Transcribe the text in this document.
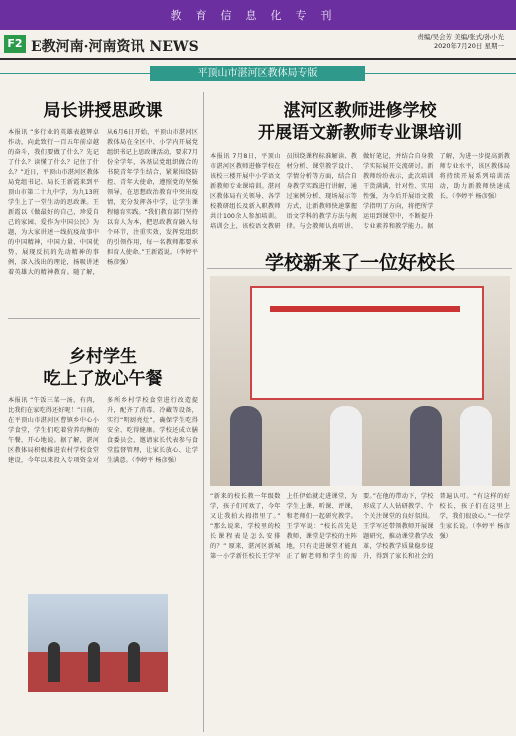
教育信息化专刊
F2 E教河南·河南资讯 NEWS
责编/吴会芳 美编/张式/孙小光
2020年7月20日 星期一
平顶山市湛河区教体局专版
局长讲授思政课
本报讯 “多行业的英雄表越辉卓作动，向此致行一百五年前卓越的奋斗，我们要做了什么？先记了什么？读懂了什么？记住了什么？”近日，平顶山市湛河区教体局党组书记、局长王新霞来到平顶山市第二十九中学，为九13班学生上了一堂生动的思政课。王新霞以《做最好的自己，珍爱自己的家园、爱作为中国公民》为题，为大家讲述一线抗疫故事中的中国精神，中国力量、中国优势，展现反抗的先动精神的事例，深入浅出的理论，扬吸讲述着英雄大的精神教育。随了解，从6月6日开始，平顶山市湛河区教体局在全区中、小学内开展党组织书记上思政课活动，要求7月份全学年，各基层党组织做合的书院青年学生结合，紧紧围绕防控、青年大使命，遵照党的坚强领导，在思想政治教育中突出疫情，充分发挥各中学，让学生课程德育实践。“我们教育部门坚持以育人为本，把思政教育融入每个环节，注重实效，发挥党组织的引领作用，每一名教师都要承担育人使命。”王新霞说。（李婷平 杨彦强）
湛河区教师进修学校
开展语文新教师专业课培训
本报讯 7月8日，平顶山市湛河区教师进修学校在该校三楼开展中小学语文新教师专业课培训。湛河区教体局有关领导、各学校教研组长及新入职教师共计100余人参加培训。培训会上，该校语文教研员围绕课程标准解读、教材分析、课堂教学设计、学情分析等方面，结合自身教学实践进行讲解，通过案例分析、现场展示等方式，让新教师快速掌握语文学科的教学方法与规律。与会教师认真听讲、做好笔记，并结合自身教学实际展开交流研讨。新教师纷纷表示，此次培训干货满满，针对性、实用性强，为今后开展语文教学指明了方向，将把所学运用到课堂中，不断提升专业素养和教学能力。据了解，为进一步提高新教师专业水平，该区教体局将持续开展系列培训活动，助力新教师快速成长。（李婷平 杨彦强）
学校新来了一位好校长
“新来的校长教一年级数学，孩子们可欢了，今年又让我拍大拇指里了。” “那么说来，学校里的校长课程表是怎么安排的？” 原来，湛河区新城第一小学新任校长王学军上任伊始就走进课堂，为学生上课、听课、评课，和老师们一起研究教学。王学军说：“校长首先是教师，课堂是学校的主阵地，只有走进课堂才能真正了解老师和学生的需要。”在他的带动下，学校形成了人人钻研教学、个个关注课堂的良好氛围。王学军还带领教师开展课题研究，推动课堂教学改革，学校教学质量稳步提升，得到了家长和社会的普遍认可。“有这样的好校长，孩子们在这里上学，我们很放心。”一位学生家长说。（李婷平 杨彦强）
乡村学生
吃上了放心午餐
本报讯 “午饭三菜一汤，有肉，比我们在家吃得还好呢！”日前，在平顶山市湛河区曹镇乡中心小学食堂，学生们吃着营养均衡的午餐，开心地说。据了解，湛河区教体局积极推进农村学校食堂建设，今年以来投入专项资金对多所乡村学校食堂进行改造提升，配齐了消毒、冷藏等设备，实行“明厨亮灶”，确保学生吃得安全、吃得健康。学校还成立膳食委员会，邀请家长代表参与食堂监督管理，让家长放心、让学生满意。（李婷平 杨彦强）
